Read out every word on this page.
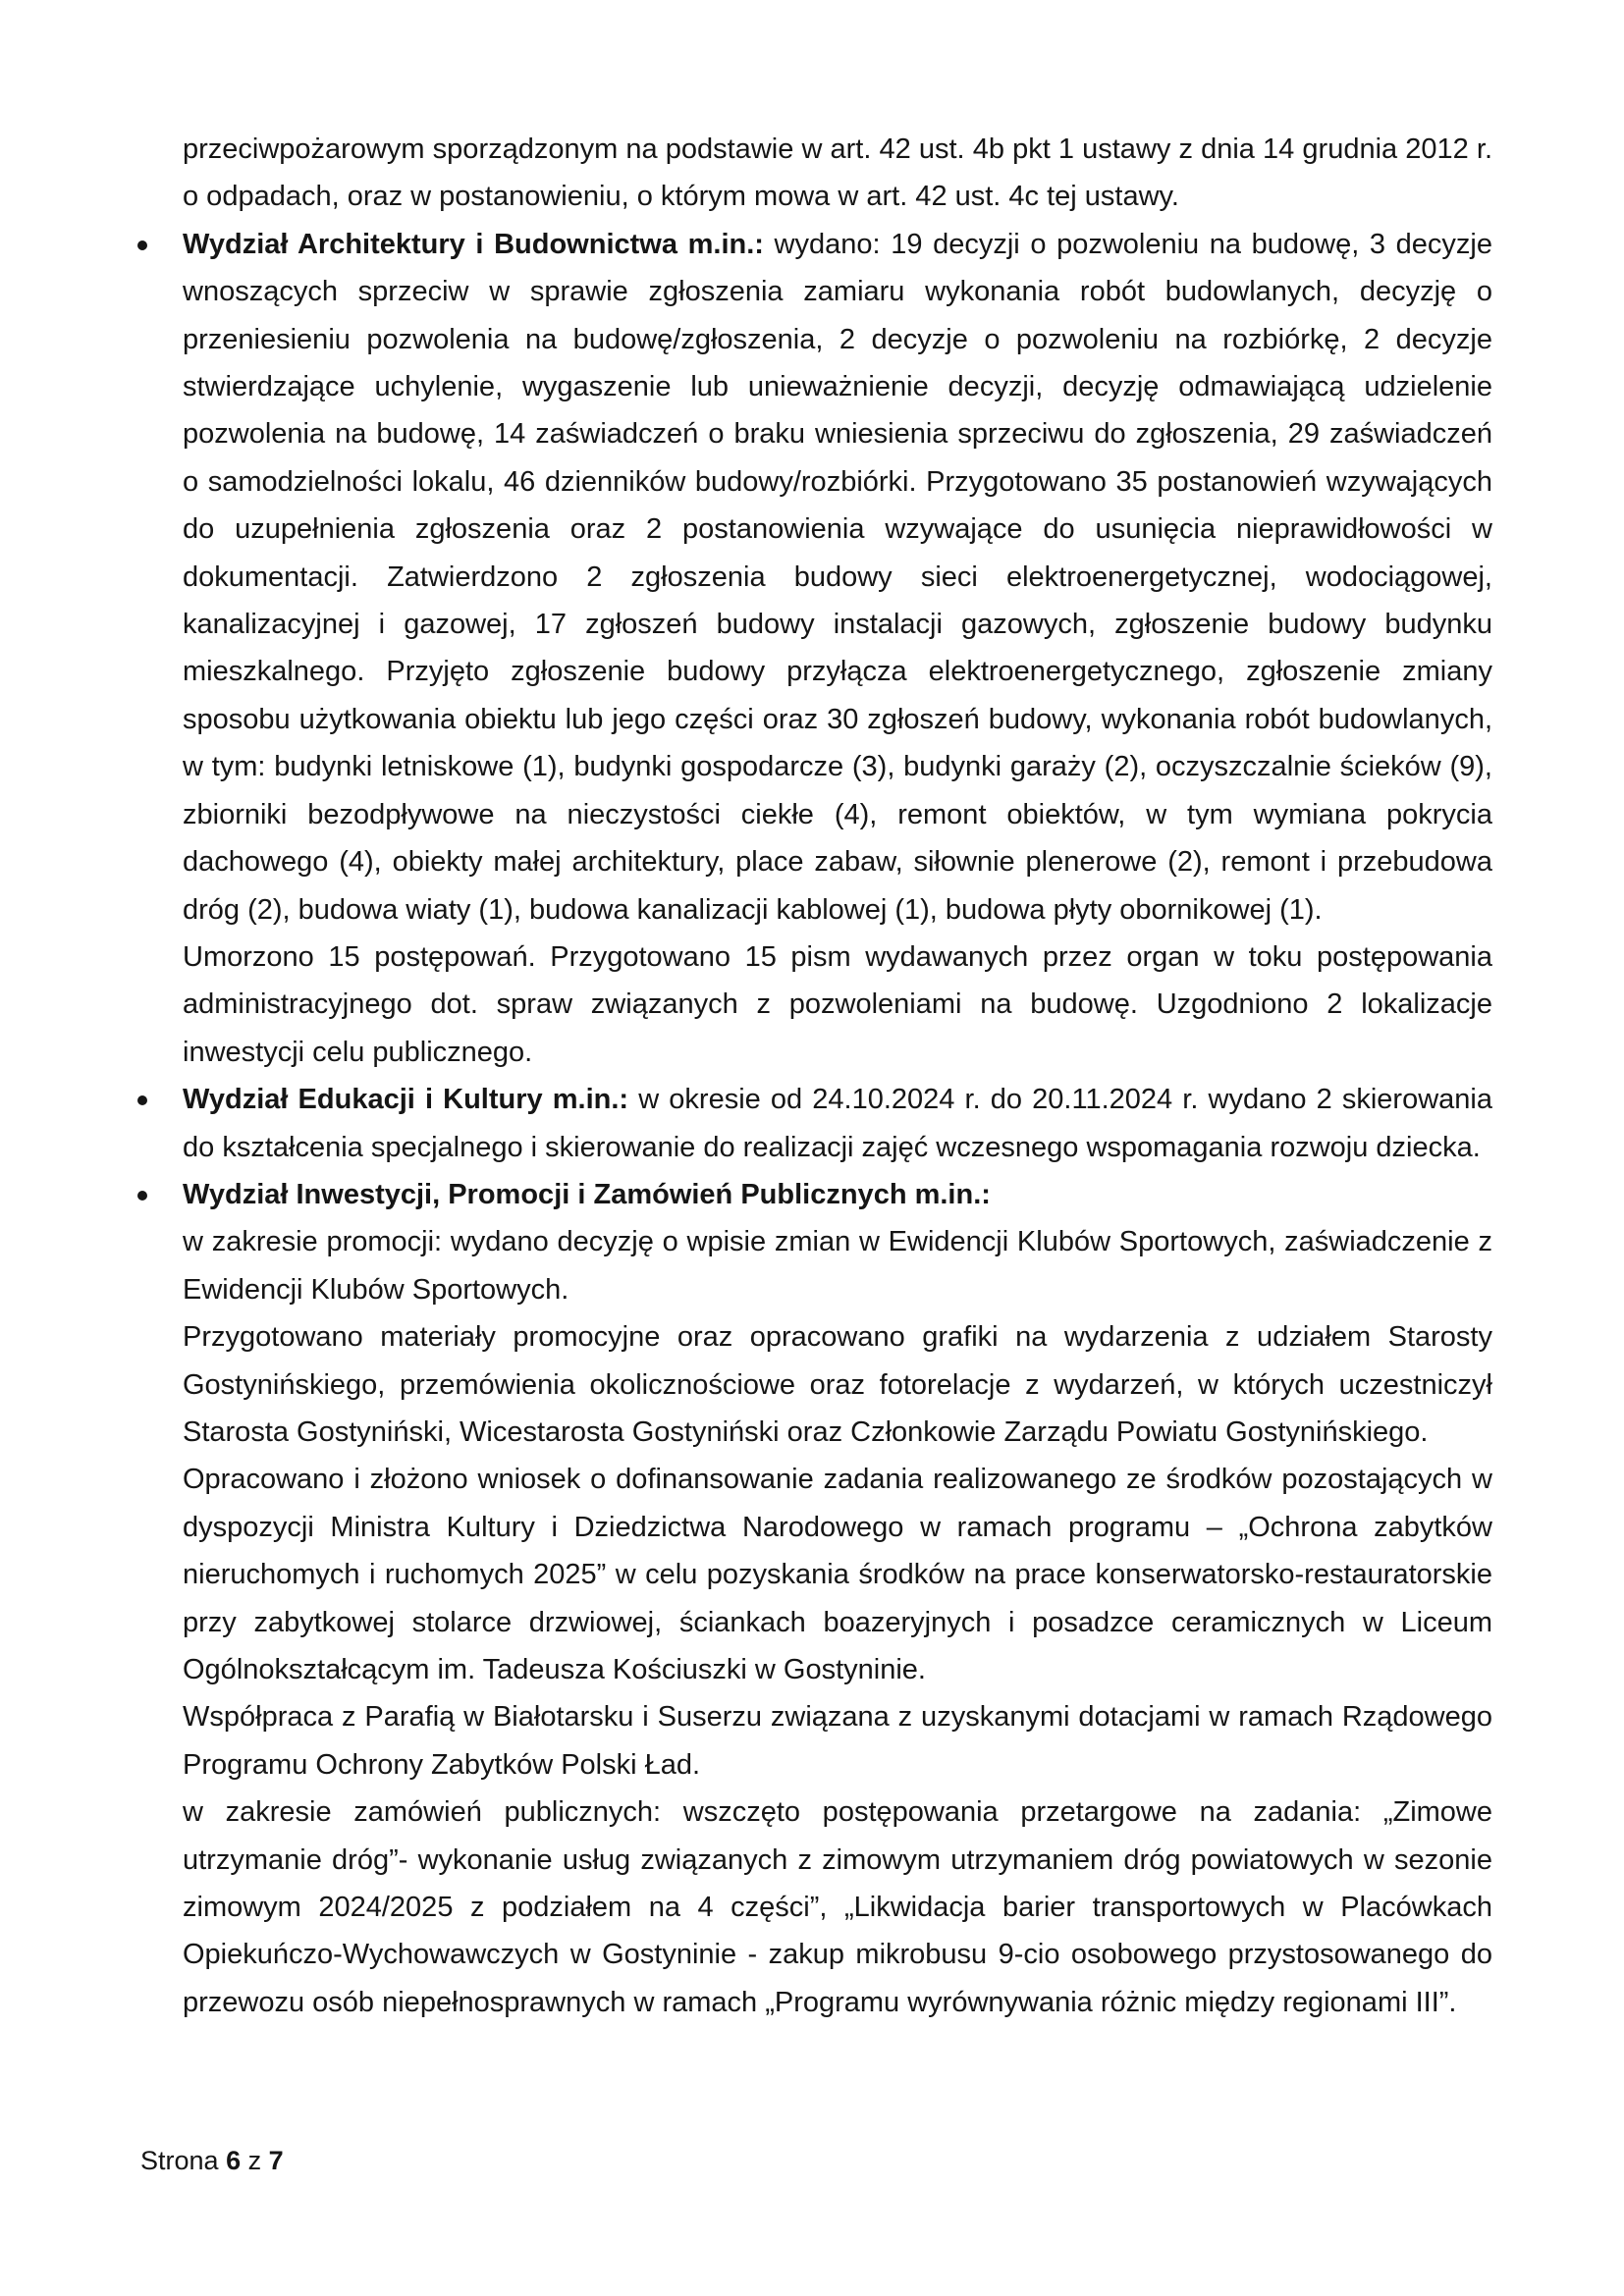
przeciwpożarowym sporządzonym na podstawie w art. 42 ust. 4b pkt 1 ustawy z dnia 14 grudnia 2012 r. o odpadach, oraz w postanowieniu, o którym mowa w art. 42 ust. 4c tej ustawy.

Wydział Architektury i Budownictwa m.in.: wydano: 19 decyzji o pozwoleniu na budowę, 3 decyzje wnoszących sprzeciw w sprawie zgłoszenia zamiaru wykonania robót budowlanych, decyzję o przeniesieniu pozwolenia na budowę/zgłoszenia, 2 decyzje o pozwoleniu na rozbiórkę, 2 decyzje stwierdzające uchylenie, wygaszenie lub unieważnienie decyzji, decyzję odmawiającą udzielenie pozwolenia na budowę, 14 zaświadczeń o braku wniesienia sprzeciwu do zgłoszenia, 29 zaświadczeń o samodzielności lokalu, 46 dzienników budowy/rozbiórki. Przygotowano 35 postanowień wzywających do uzupełnienia zgłoszenia oraz 2 postanowienia wzywające do usunięcia nieprawidłowości w dokumentacji. Zatwierdzono 2 zgłoszenia budowy sieci elektroenergetycznej, wodociągowej, kanalizacyjnej i gazowej, 17 zgłoszeń budowy instalacji gazowych, zgłoszenie budowy budynku mieszkalnego. Przyjęto zgłoszenie budowy przyłącza elektroenergetycznego, zgłoszenie zmiany sposobu użytkowania obiektu lub jego części oraz 30 zgłoszeń budowy, wykonania robót budowlanych, w tym: budynki letniskowe (1), budynki gospodarcze (3), budynki garaży (2), oczyszczalnie ścieków (9), zbiorniki bezodpływowe na nieczystości ciekłe (4), remont obiektów, w tym wymiana pokrycia dachowego (4), obiekty małej architektury, place zabaw, siłownie plenerowe (2), remont i przebudowa dróg (2), budowa wiaty (1), budowa kanalizacji kablowej (1), budowa płyty obornikowej (1).

Umorzono 15 postępowań. Przygotowano 15 pism wydawanych przez organ w toku postępowania administracyjnego dot. spraw związanych z pozwoleniami na budowę. Uzgodniono 2 lokalizacje inwestycji celu publicznego.

Wydział Edukacji i Kultury m.in.: w okresie od 24.10.2024 r. do 20.11.2024 r. wydano 2 skierowania do kształcenia specjalnego i skierowanie do realizacji zajęć wczesnego wspomagania rozwoju dziecka.
Wydział Inwestycji, Promocji i Zamówień Publicznych m.in.:

w zakresie promocji: wydano decyzję o wpisie zmian w Ewidencji Klubów Sportowych, zaświadczenie z Ewidencji Klubów Sportowych.

Przygotowano materiały promocyjne oraz opracowano grafiki na wydarzenia z udziałem Starosty Gostynińskiego, przemówienia okolicznościowe oraz fotorelacje z wydarzeń, w których uczestniczył Starosta Gostyniński, Wicestarosta Gostyniński oraz Członkowie Zarządu Powiatu Gostynińskiego.

Opracowano i złożono wniosek o dofinansowanie zadania realizowanego ze środków pozostających w dyspozycji Ministra Kultury i Dziedzictwa Narodowego w ramach programu – „Ochrona zabytków nieruchomych i ruchomych 2025” w celu pozyskania środków na prace konserwatorsko-restauratorskie przy zabytkowej stolarce drzwiowej, ściankach boazeryjnych i posadzce ceramicznych w Liceum Ogólnokształcącym im. Tadeusza Kościuszki w Gostyninie.

Współpraca z Parafią w Białotarsku i Suserzu związana z uzyskanymi dotacjami w ramach Rządowego Programu Ochrony Zabytków Polski Ład.

w zakresie zamówień publicznych: wszczęto postępowania przetargowe na zadania: „Zimowe utrzymanie dróg”- wykonanie usług związanych z zimowym utrzymaniem dróg powiatowych w sezonie zimowym 2024/2025 z podziałem na 4 części”, „Likwidacja barier transportowych w Placówkach Opiekuńczo-Wychowawczych w Gostyninie - zakup mikrobusu 9-cio osobowego przystosowanego do przewozu osób niepełnosprawnych w ramach „Programu wyrównywania różnic między regionami III”.

Strona 6 z 7
